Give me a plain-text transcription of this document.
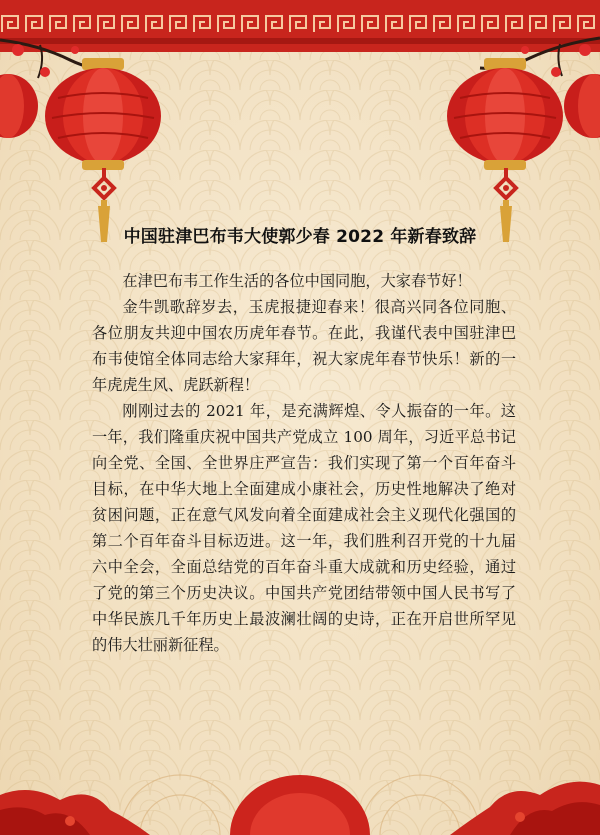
中国驻津巴布韦大使郭少春 2022 年新春致辞

在津巴布韦工作生活的各位中国同胞，大家春节好！

金牛凯歌辞岁去，玉虎报捷迎春来！很高兴同各位同胞、各位朋友共迎中国农历虎年春节。在此，我谨代表中国驻津巴布韦使馆全体同志给大家拜年，祝大家虎年春节快乐！新的一年虎虎生风、虎跃新程！

刚刚过去的 2021 年，是充满辉煌、令人振奋的一年。这一年，我们隆重庆祝中国共产党成立 100 周年，习近平总书记向全党、全国、全世界庄严宣告：我们实现了第一个百年奋斗目标，在中华大地上全面建成小康社会，历史性地解决了绝对贫困问题，正在意气风发向着全面建成社会主义现代化强国的第二个百年奋斗目标迈进。这一年，我们胜利召开党的十九届六中全会，全面总结党的百年奋斗重大成就和历史经验，通过了党的第三个历史决议。中国共产党团结带领中国人民书写了中华民族几千年历史上最波澜壮阔的史诗，正在开启世所罕见的伟大壮丽新征程。
